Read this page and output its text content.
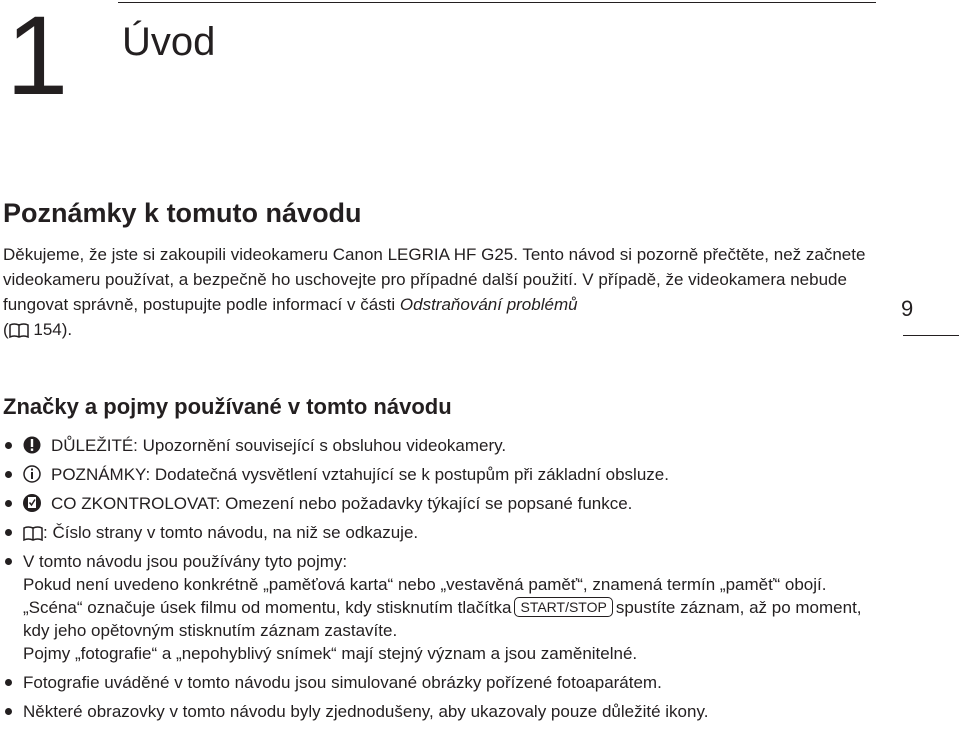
1 Úvod
9
Poznámky k tomuto návodu

Děkujeme, že jste si zakoupili videokameru Canon LEGRIA HF G25. Tento návod si pozorně přečtěte, než začnete videokameru používat, a bezpečně ho uschovejte pro případné další použití. V případě, že videokamera nebude fungovat správně, postupujte podle informací v části Odstraňování problémů
( 154).

Značky a pojmy používané v tomto návodu
DŮLEŽITÉ: Upozornění související s obsluhou videokamery.
POZNÁMKY: Dodatečná vysvětlení vztahující se k postupům při základní obsluze.
CO ZKONTROLOVAT: Omezení nebo požadavky týkající se popsané funkce.
: Číslo strany v tomto návodu, na niž se odkazuje.

V tomto návodu jsou používány tyto pojmy:

Pokud není uvedeno konkrétně „paměťová karta“ nebo „vestavěná paměť“, znamená termín „paměť“ obojí.

„Scéna“ označuje úsek filmu od momentu, kdy stisknutím tlačítka START/STOP spustíte záznam, až po moment, kdy jeho opětovným stisknutím záznam zastavíte.

Pojmy „fotografie“ a „nepohyblivý snímek“ mají stejný význam a jsou zaměnitelné.

Fotografie uváděné v tomto návodu jsou simulované obrázky pořízené fotoaparátem.
Některé obrazovky v tomto návodu byly zjednodušeny, aby ukazovaly pouze důležité ikony.
